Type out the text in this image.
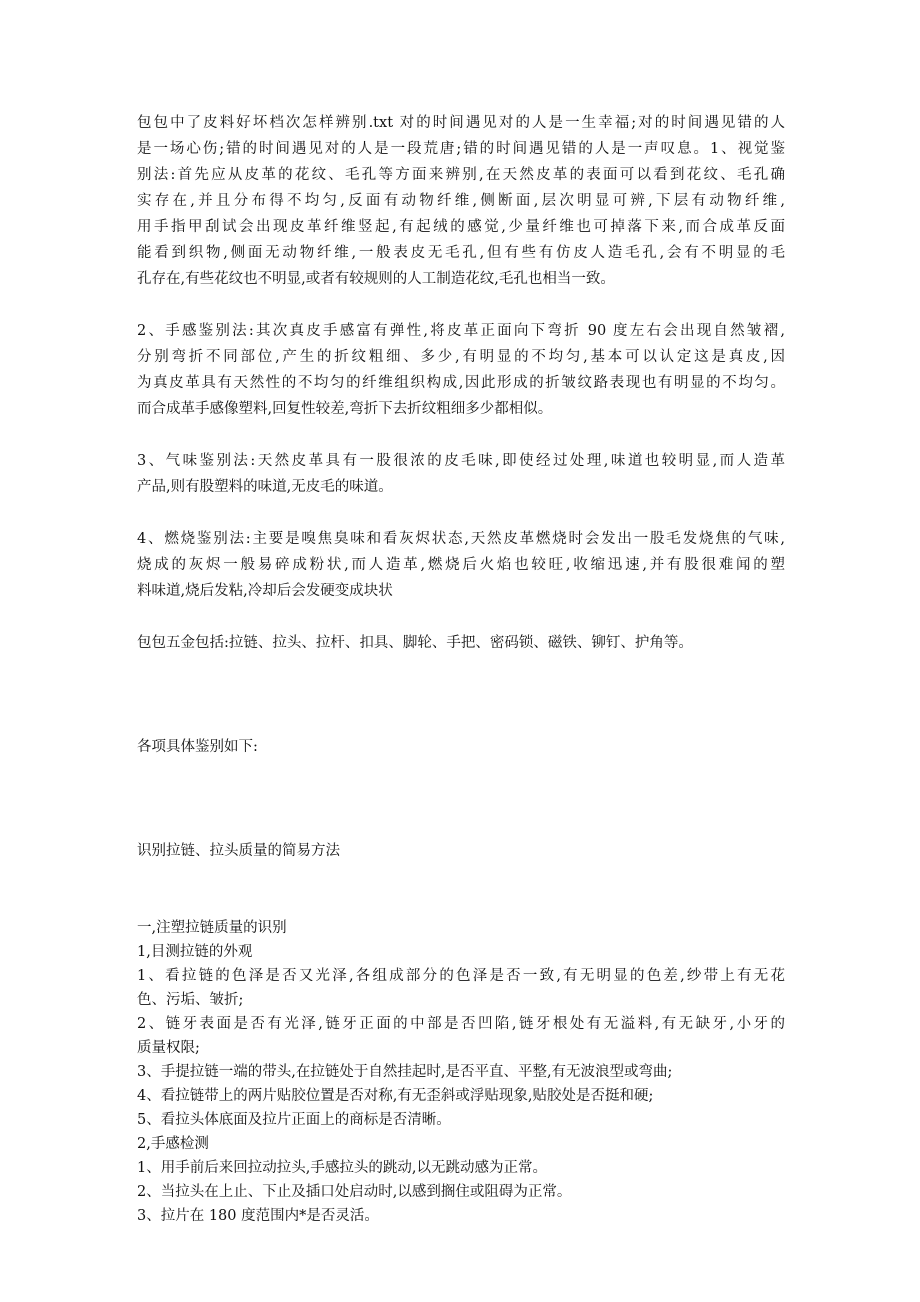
包包中了皮料好坏档次怎样辨别.txt 对的时间遇见对的人是一生幸福;对的时间遇见错的人
是一场心伤;错的时间遇见对的人是一段荒唐;错的时间遇见错的人是一声叹息。1、视觉鉴
别法:首先应从皮革的花纹、毛孔等方面来辨别,在天然皮革的表面可以看到花纹、毛孔确
实存在,并且分布得不均匀,反面有动物纤维,侧断面,层次明显可辨,下层有动物纤维,
用手指甲刮试会出现皮革纤维竖起,有起绒的感觉,少量纤维也可掉落下来,而合成革反面
能看到织物,侧面无动物纤维,一般表皮无毛孔,但有些有仿皮人造毛孔,会有不明显的毛
孔存在,有些花纹也不明显,或者有较规则的人工制造花纹,毛孔也相当一致。
2、手感鉴别法:其次真皮手感富有弹性,将皮革正面向下弯折 90 度左右会出现自然皱褶,
分别弯折不同部位,产生的折纹粗细、多少,有明显的不均匀,基本可以认定这是真皮,因
为真皮革具有天然性的不均匀的纤维组织构成,因此形成的折皱纹路表现也有明显的不均匀。
而合成革手感像塑料,回复性较差,弯折下去折纹粗细多少都相似。
3、气味鉴别法:天然皮革具有一股很浓的皮毛味,即使经过处理,味道也较明显,而人造革
产品,则有股塑料的味道,无皮毛的味道。
4、燃烧鉴别法:主要是嗅焦臭味和看灰烬状态,天然皮革燃烧时会发出一股毛发烧焦的气味,
烧成的灰烬一般易碎成粉状,而人造革,燃烧后火焰也较旺,收缩迅速,并有股很难闻的塑
料味道,烧后发粘,冷却后会发硬变成块状
包包五金包括:拉链、拉头、拉杆、扣具、脚轮、手把、密码锁、磁铁、铆钉、护角等。
各项具体鉴别如下:
识别拉链、拉头质量的简易方法
一,注塑拉链质量的识别
1,目测拉链的外观
1、看拉链的色泽是否又光泽,各组成部分的色泽是否一致,有无明显的色差,纱带上有无花
色、污垢、皱折;
2、链牙表面是否有光泽,链牙正面的中部是否凹陷,链牙根处有无溢料,有无缺牙,小牙的
质量权限;
3、手提拉链一端的带头,在拉链处于自然挂起时,是否平直、平整,有无波浪型或弯曲;
4、看拉链带上的两片贴胶位置是否对称,有无歪斜或浮贴现象,贴胶处是否挺和硬;
5、看拉头体底面及拉片正面上的商标是否清晰。
2,手感检测
1、用手前后来回拉动拉头,手感拉头的跳动,以无跳动感为正常。
2、当拉头在上止、下止及插口处启动时,以感到搁住或阻碍为正常。
3、拉片在 180 度范围内*是否灵活。
